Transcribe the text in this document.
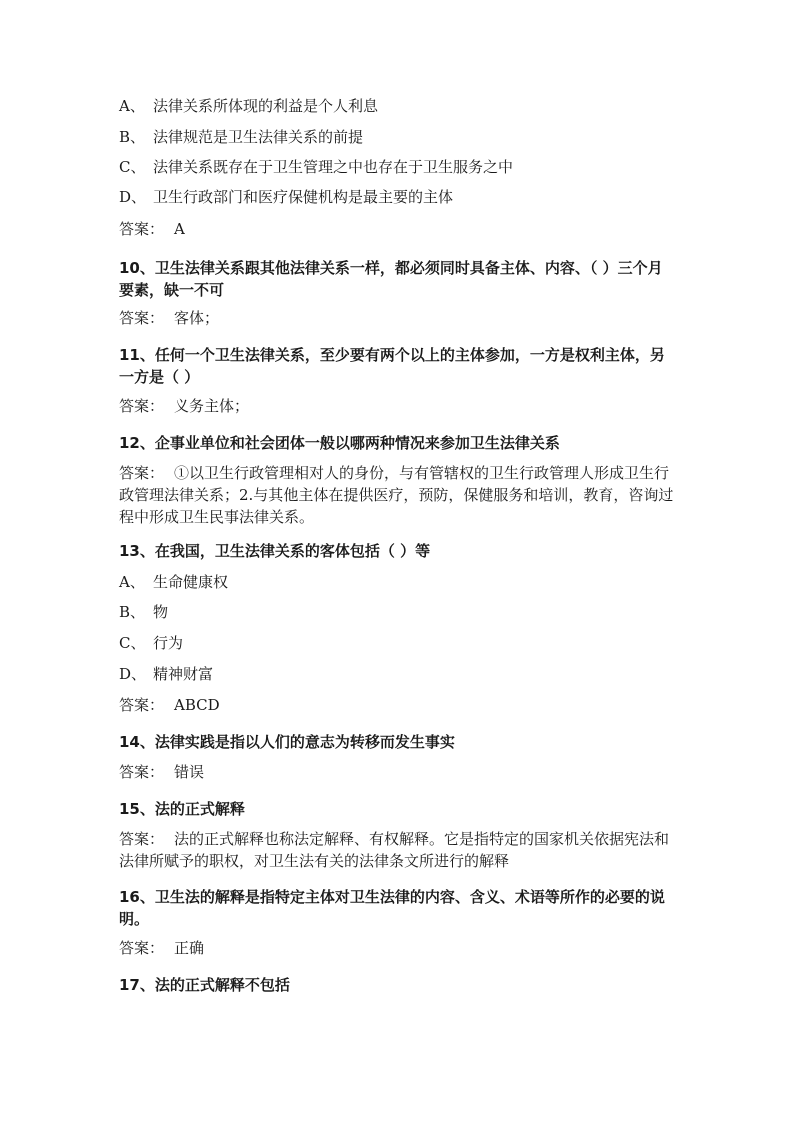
A、 法律关系所体现的利益是个人利息
B、 法律规范是卫生法律关系的前提
C、 法律关系既存在于卫生管理之中也存在于卫生服务之中
D、 卫生行政部门和医疗保健机构是最主要的主体
答案： A
10、卫生法律关系跟其他法律关系一样，都必须同时具备主体、内容、（ ）三个月要素，缺一不可
答案： 客体；
11、任何一个卫生法律关系，至少要有两个以上的主体参加，一方是权利主体，另一方是（ ）
答案： 义务主体；
12、企事业单位和社会团体一般以哪两种情况来参加卫生法律关系
答案： ①以卫生行政管理相对人的身份，与有管辖权的卫生行政管理人形成卫生行政管理法律关系；2.与其他主体在提供医疗，预防，保健服务和培训，教育，咨询过程中形成卫生民事法律关系。
13、在我国，卫生法律关系的客体包括（ ）等
A、 生命健康权
B、 物
C、 行为
D、 精神财富
答案： ABCD
14、法律实践是指以人们的意志为转移而发生事实
答案： 错误
15、法的正式解释
答案： 法的正式解释也称法定解释、有权解释。它是指特定的国家机关依据宪法和法律所赋予的职权，对卫生法有关的法律条文所进行的解释
16、卫生法的解释是指特定主体对卫生法律的内容、含义、术语等所作的必要的说明。
答案： 正确
17、法的正式解释不包括
